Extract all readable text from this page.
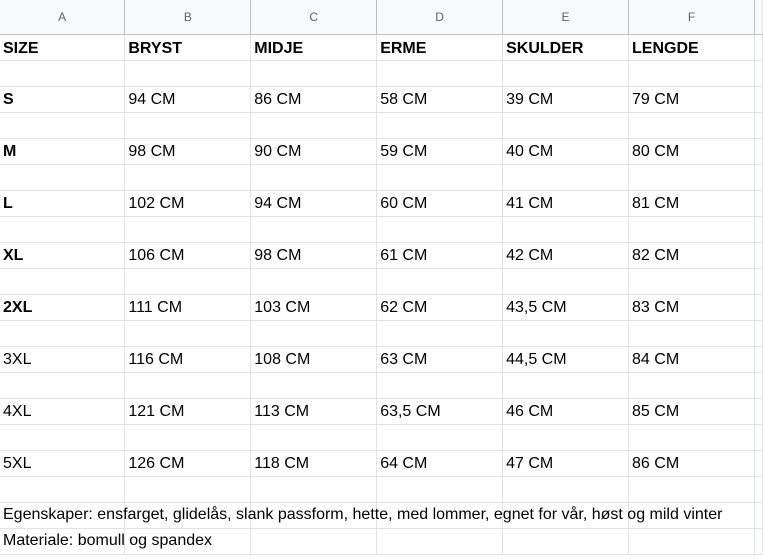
A	B	C	D	E	F	
SIZE	BRYST	MIDJE	ERME	SKULDER	LENGDE	

S	94 CM	86 CM	58 CM	39 CM	79 CM	

M	98 CM	90 CM	59 CM	40 CM	80 CM	

L	102 CM	94 CM	60 CM	41 CM	81 CM	

XL	106 CM	98 CM	61 CM	42 CM	82 CM	

2XL	111 CM	103 CM	62 CM	43,5 CM	83 CM	

3XL	116 CM	108 CM	63 CM	44,5 CM	84 CM	

4XL	121 CM	113 CM	63,5 CM	46 CM	85 CM	

5XL	126 CM	118 CM	64 CM	47 CM	86 CM	

Egenskaper: ensfarget, glidelås, slank passform, hette, med lommer, egnet for vår, høst og mild vinter						

Materiale: bomull og spandex						
